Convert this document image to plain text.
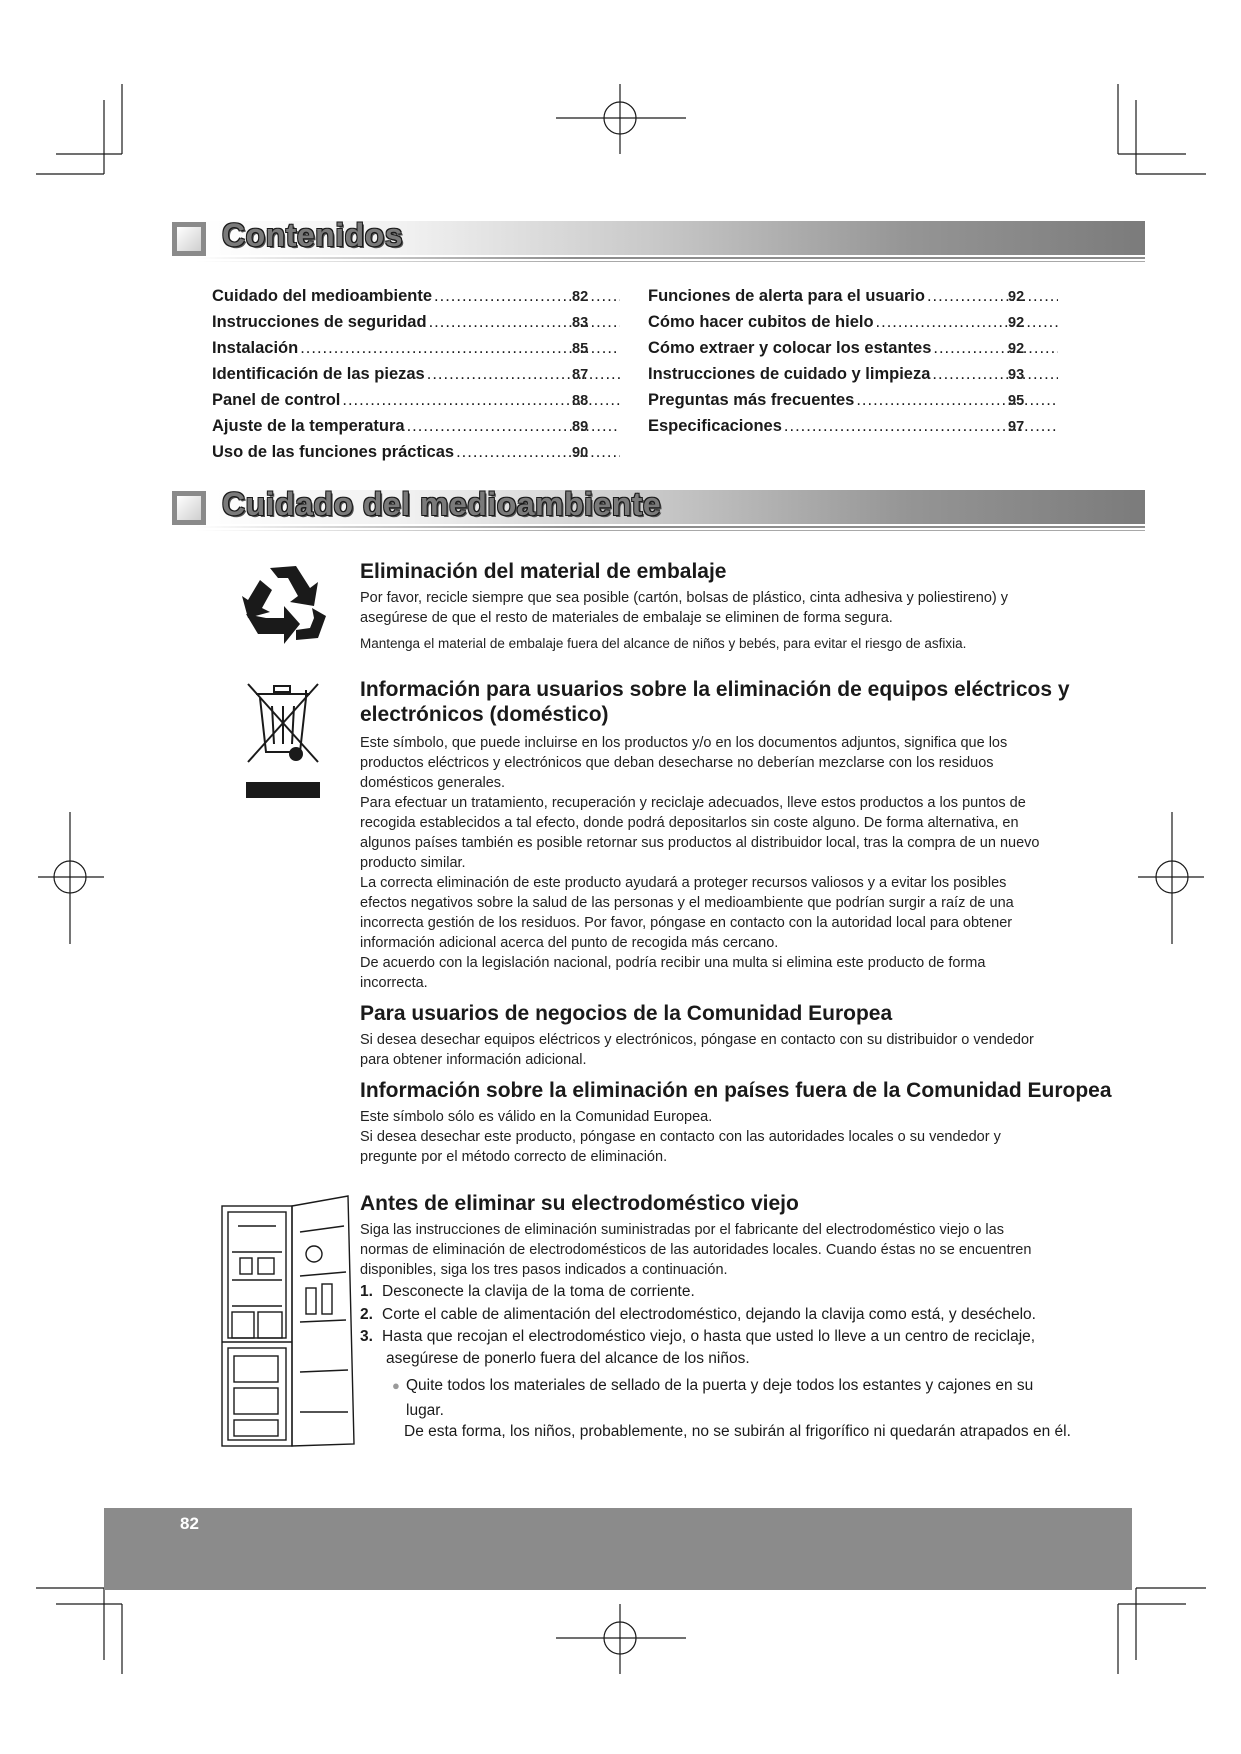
Contenidos
Cuidado del medioambiente .....	82
Instrucciones de seguridad .....	83
Instalación .....	85
Identificación de las piezas .....	87
Panel de control .....	88
Ajuste de la temperatura .....	89
Uso de las funciones prácticas .....	90
Funciones de alerta para el usuario .....	92
Cómo hacer cubitos de hielo .....	92
Cómo extraer y colocar los estantes .....	92
Instrucciones de cuidado y limpieza .....	93
Preguntas más frecuentes .....	95
Especificaciones .....	97
Cuidado del medioambiente
Eliminación del material de embalaje
Por favor, recicle siempre que sea posible (cartón, bolsas de plástico, cinta adhesiva y poliestireno) y
asegúrese de que el resto de materiales de embalaje se eliminen de forma segura.
Mantenga el material de embalaje fuera del alcance de niños y bebés, para evitar el riesgo de asfixia.
Información para usuarios sobre la eliminación de equipos eléctricos y
electrónicos (doméstico)
Este símbolo, que puede incluirse en los productos y/o en los documentos adjuntos, significa que los
productos eléctricos y electrónicos que deban desecharse no deberían mezclarse con los residuos
domésticos generales.
Para efectuar un tratamiento, recuperación y reciclaje adecuados, lleve estos productos a los puntos de
recogida establecidos a tal efecto, donde podrá depositarlos sin coste alguno. De forma alternativa, en
algunos países también es posible retornar sus productos al distribuidor local, tras la compra de un nuevo
producto similar.
La correcta eliminación de este producto ayudará a proteger recursos valiosos y a evitar los posibles
efectos negativos sobre la salud de las personas y el medioambiente que podrían surgir a raíz de una
incorrecta gestión de los residuos. Por favor, póngase en contacto con la autoridad local para obtener
información adicional acerca del punto de recogida más cercano.
De acuerdo con la legislación nacional, podría recibir una multa si elimina este producto de forma
incorrecta.
Para usuarios de negocios de la Comunidad Europea
Si desea desechar equipos eléctricos y electrónicos, póngase en contacto con su distribuidor o vendedor
para obtener información adicional.
Información sobre la eliminación en países fuera de la Comunidad Europea
Este símbolo sólo es válido en la Comunidad Europea.
Si desea desechar este producto, póngase en contacto con las autoridades locales o su vendedor y
pregunte por el método correcto de eliminación.
Antes de eliminar su electrodoméstico viejo
Siga las instrucciones de eliminación suministradas por el fabricante del electrodoméstico viejo o las
normas de eliminación de electrodomésticos de las autoridades locales. Cuando éstas no se encuentren
disponibles, siga los tres pasos indicados a continuación.
1. Desconecte la clavija de la toma de corriente.
2. Corte el cable de alimentación del electrodoméstico, dejando la clavija como está, y deséchelo.
3. Hasta que recojan el electrodoméstico viejo, o hasta que usted lo lleve a un centro de reciclaje,
asegúrese de ponerlo fuera del alcance de los niños.
● Quite todos los materiales de sellado de la puerta y deje todos los estantes y cajones en su
lugar.
De esta forma, los niños, probablemente, no se subirán al frigorífico ni quedarán atrapados en él.
82
